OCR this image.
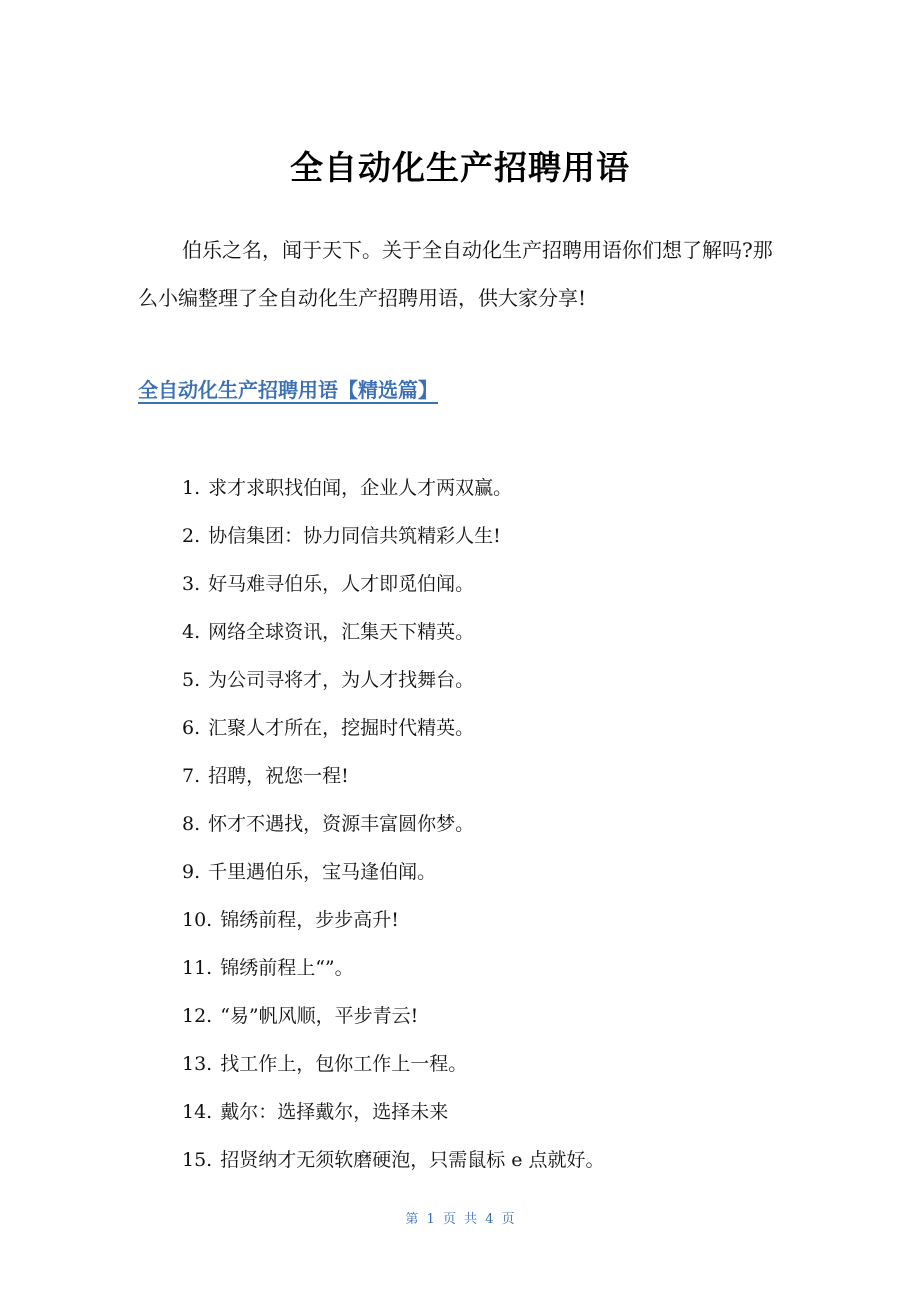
全自动化生产招聘用语
伯乐之名，闻于天下。关于全自动化生产招聘用语你们想了解吗?那么小编整理了全自动化生产招聘用语，供大家分享!
全自动化生产招聘用语【精选篇】
1. 求才求职找伯闻，企业人才两双赢。
2. 协信集团：协力同信共筑精彩人生!
3. 好马难寻伯乐，人才即觅伯闻。
4. 网络全球资讯，汇集天下精英。
5. 为公司寻将才，为人才找舞台。
6. 汇聚人才所在，挖掘时代精英。
7. 招聘，祝您一程!
8. 怀才不遇找，资源丰富圆你梦。
9. 千里遇伯乐，宝马逢伯闻。
10. 锦绣前程，步步高升!
11. 锦绣前程上“”。
12. “易”帆风顺，平步青云!
13. 找工作上，包你工作上一程。
14. 戴尔：选择戴尔，选择未来
15. 招贤纳才无须软磨硬泡，只需鼠标 e 点就好。
第 1 页 共 4 页
